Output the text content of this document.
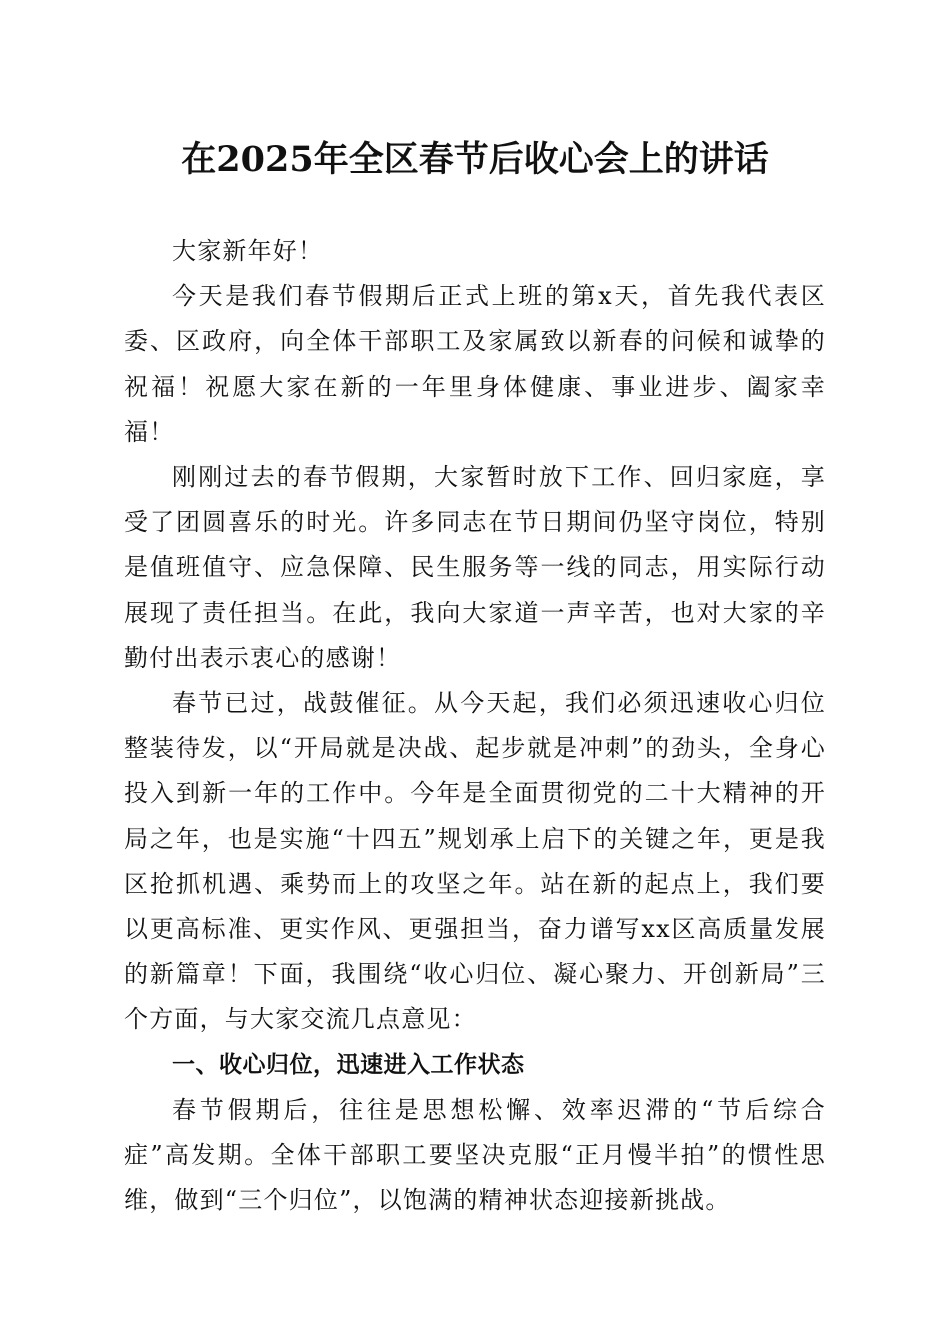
在2025年全区春节后收心会上的讲话

大家新年好！

今天是我们春节假期后正式上班的第x天，首先我代表区委、区政府，向全体干部职工及家属致以新春的问候和诚挚的祝福！祝愿大家在新的一年里身体健康、事业进步、阖家幸福！

刚刚过去的春节假期，大家暂时放下工作、回归家庭，享受了团圆喜乐的时光。许多同志在节日期间仍坚守岗位，特别是值班值守、应急保障、民生服务等一线的同志，用实际行动展现了责任担当。在此，我向大家道一声辛苦，也对大家的辛勤付出表示衷心的感谢！

春节已过，战鼓催征。从今天起，我们必须迅速收心归位整装待发，以“开局就是决战、起步就是冲刺”的劲头，全身心投入到新一年的工作中。今年是全面贯彻党的二十大精神的开局之年，也是实施“十四五”规划承上启下的关键之年，更是我区抢抓机遇、乘势而上的攻坚之年。站在新的起点上，我们要以更高标准、更实作风、更强担当，奋力谱写xx区高质量发展的新篇章！下面，我围绕“收心归位、凝心聚力、开创新局”三个方面，与大家交流几点意见：

一、收心归位，迅速进入工作状态

春节假期后，往往是思想松懈、效率迟滞的“节后综合症”高发期。全体干部职工要坚决克服“正月慢半拍”的惯性思维，做到“三个归位”，以饱满的精神状态迎接新挑战。
